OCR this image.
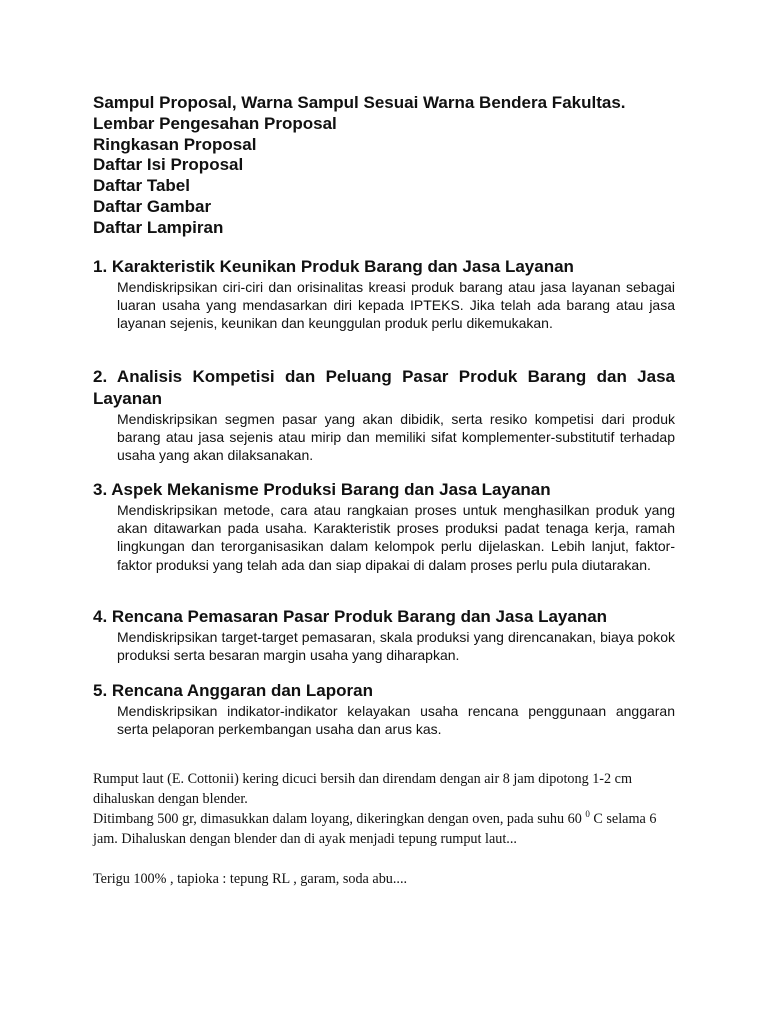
Sampul Proposal, Warna Sampul Sesuai Warna Bendera Fakultas.
Lembar Pengesahan Proposal
Ringkasan Proposal
Daftar Isi Proposal
Daftar Tabel
Daftar Gambar
Daftar Lampiran
1. Karakteristik Keunikan Produk Barang dan Jasa Layanan

Mendiskripsikan ciri-ciri dan orisinalitas kreasi produk barang atau jasa layanan sebagai luaran usaha yang mendasarkan diri kepada IPTEKS. Jika telah ada barang atau jasa layanan sejenis, keunikan dan keunggulan produk perlu dikemukakan.

2. Analisis Kompetisi dan Peluang Pasar Produk Barang dan Jasa Layanan

Mendiskripsikan segmen pasar yang akan dibidik, serta resiko kompetisi dari produk barang atau jasa sejenis atau mirip dan memiliki sifat komplementer-substitutif terhadap usaha yang akan dilaksanakan.

3. Aspek Mekanisme Produksi Barang dan Jasa Layanan

Mendiskripsikan metode, cara atau rangkaian proses untuk menghasilkan produk yang akan ditawarkan pada usaha. Karakteristik proses produksi padat tenaga kerja, ramah lingkungan dan terorganisasikan dalam kelompok perlu dijelaskan. Lebih lanjut, faktor-faktor produksi yang telah ada dan siap dipakai di dalam proses perlu pula diutarakan.

4. Rencana Pemasaran Pasar Produk Barang dan Jasa Layanan

Mendiskripsikan target-target pemasaran, skala produksi yang direncanakan, biaya pokok produksi serta besaran margin usaha yang diharapkan.

5. Rencana Anggaran dan Laporan

Mendiskripsikan indikator-indikator kelayakan usaha rencana penggunaan anggaran serta pelaporan perkembangan usaha dan arus kas.

Rumput laut (E. Cottonii) kering dicuci bersih dan direndam dengan air 8 jam dipotong 1-2 cm dihaluskan dengan blender.

Ditimbang 500 gr, dimasukkan dalam loyang, dikeringkan dengan oven, pada suhu 60 $^0$ C selama 6 jam. Dihaluskan dengan blender dan di ayak menjadi tepung rumput laut...

Terigu 100% , tapioka : tepung RL , garam, soda abu....
